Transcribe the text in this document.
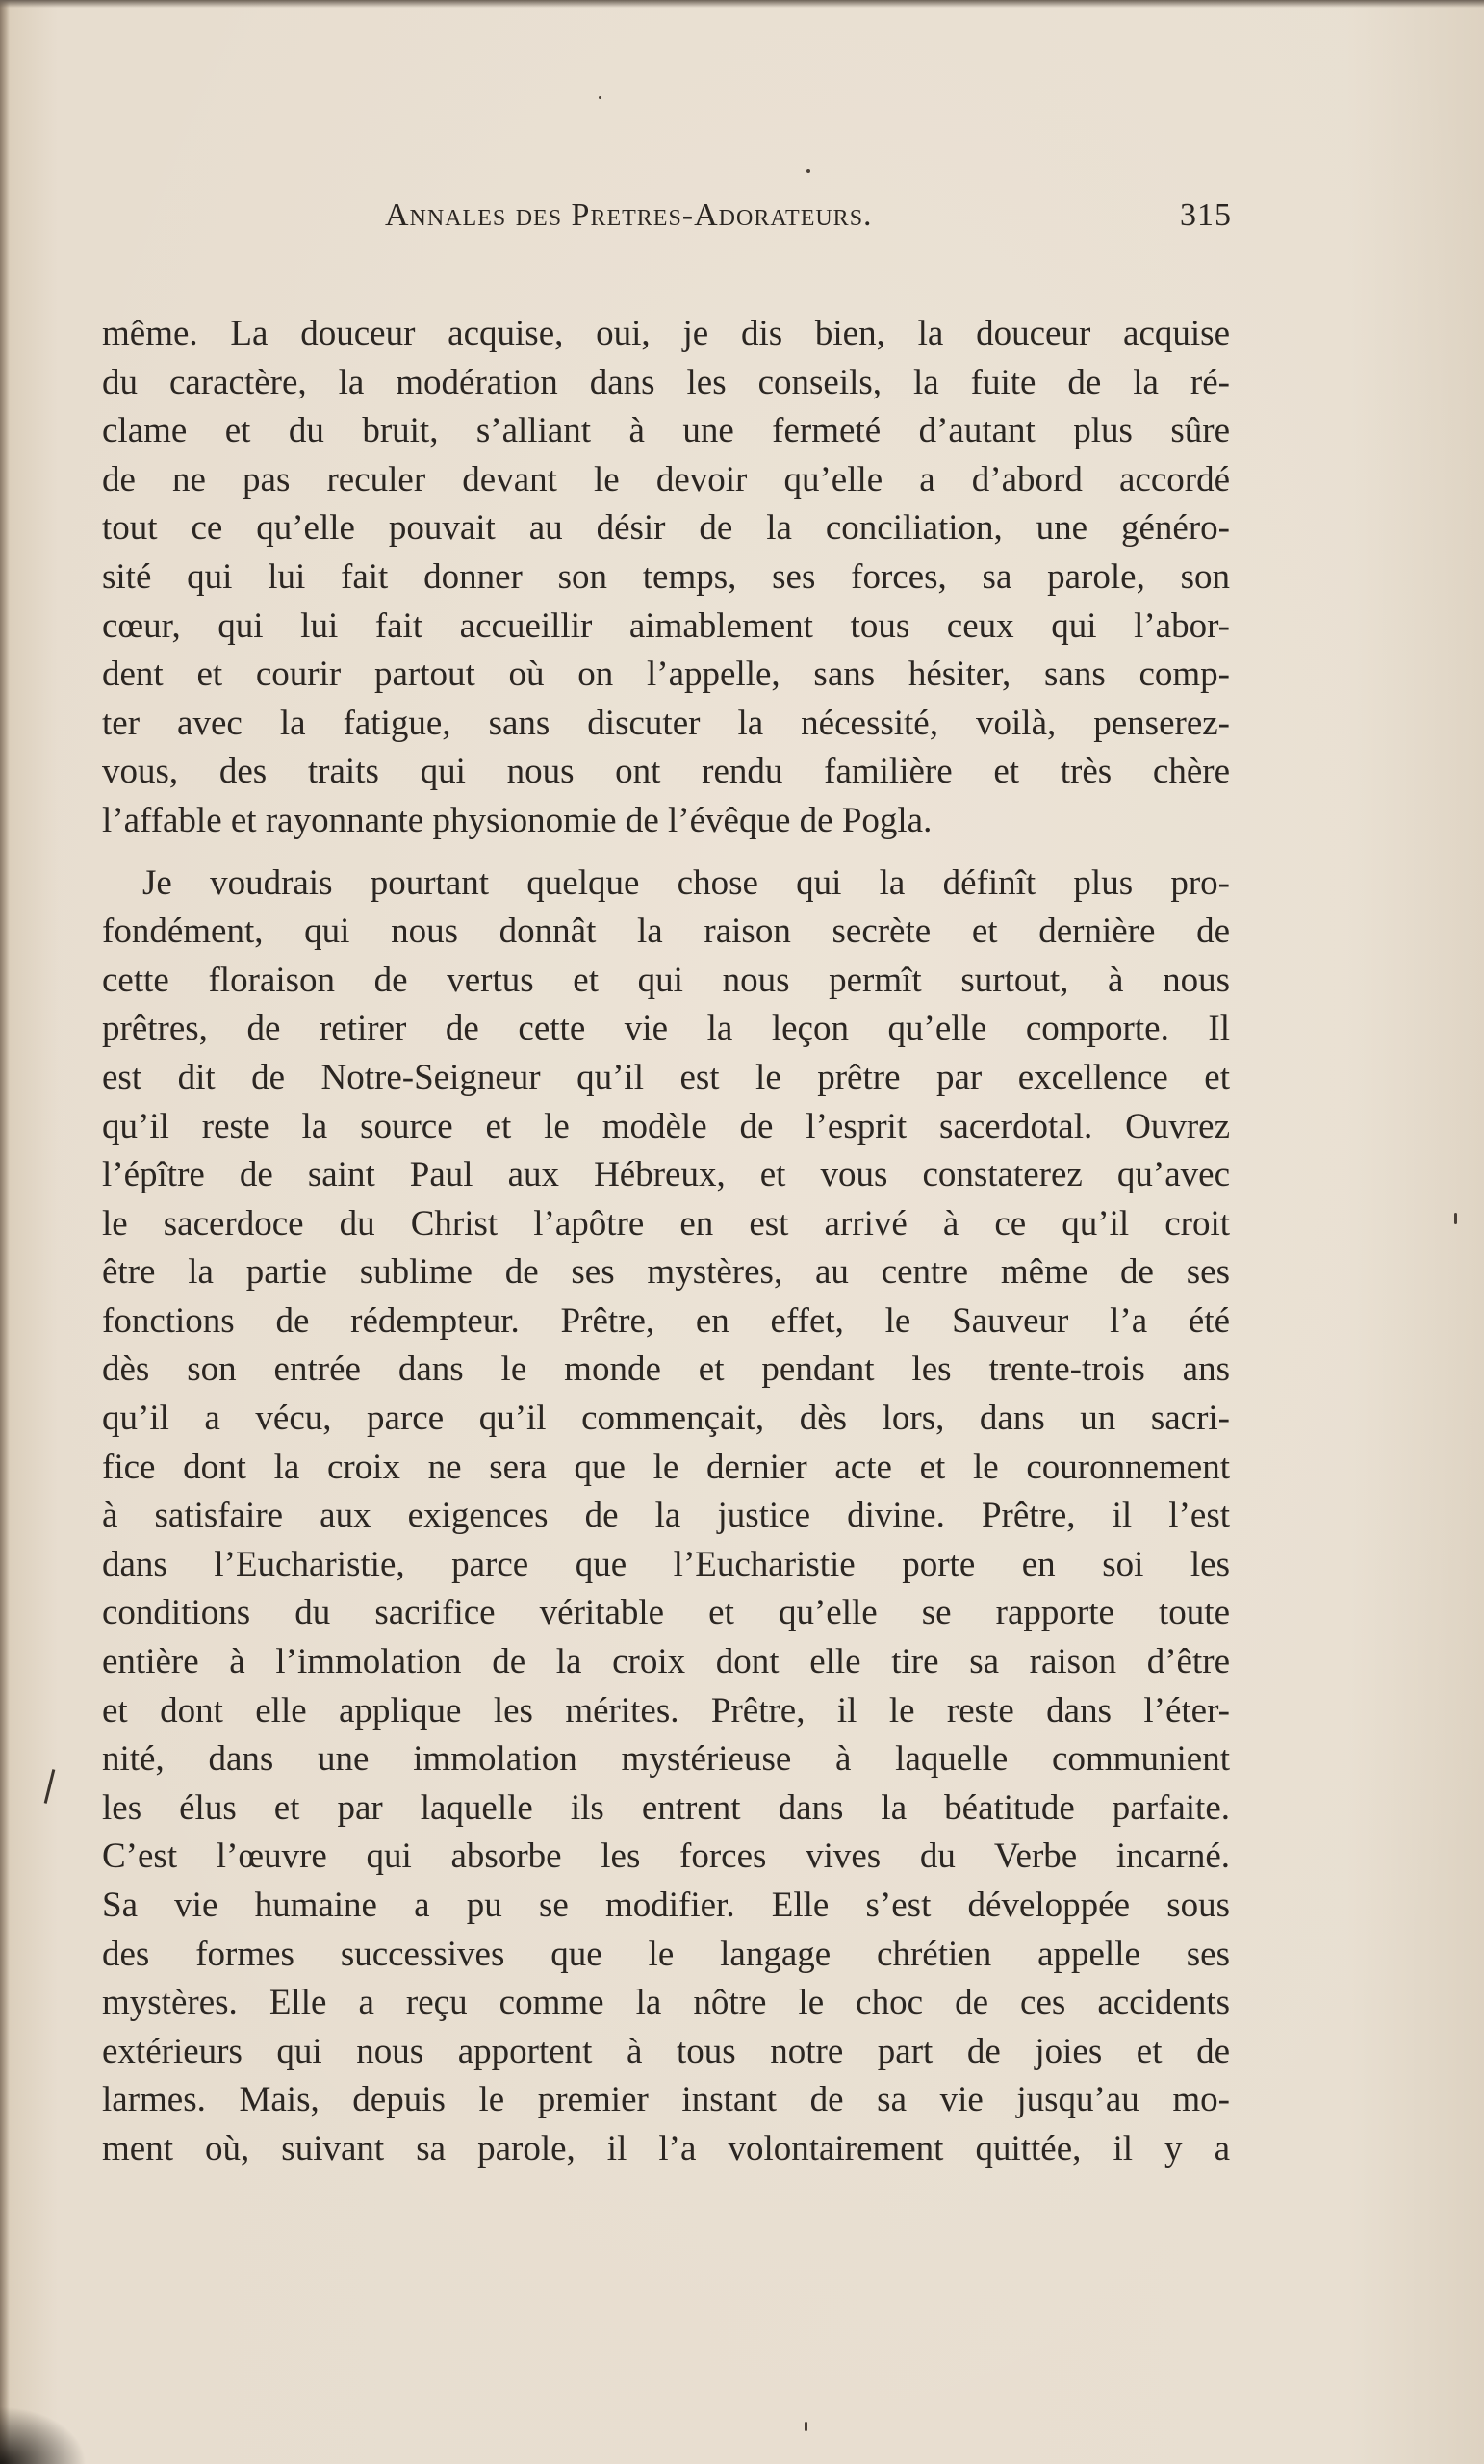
Annales des Pretres-Adorateurs.	315
même. La douceur acquise, oui, je dis bien, la douceur acquise
du caractère, la modération dans les conseils, la fuite de la ré-
clame et du bruit, s’alliant à une fermeté d’autant plus sûre
de ne pas reculer devant le devoir qu’elle a d’abord accordé
tout ce qu’elle pouvait au désir de la conciliation, une généro-
sité qui lui fait donner son temps, ses forces, sa parole, son
cœur, qui lui fait accueillir aimablement tous ceux qui l’abor-
dent et courir partout où on l’appelle, sans hésiter, sans comp-
ter avec la fatigue, sans discuter la nécessité, voilà, penserez-
vous, des traits qui nous ont rendu familière et très chère
l’affable et rayonnante physionomie de l’évêque de Pogla.
Je voudrais pourtant quelque chose qui la définît plus pro-
fondément, qui nous donnât la raison secrète et dernière de
cette floraison de vertus et qui nous permît surtout, à nous
prêtres, de retirer de cette vie la leçon qu’elle comporte. Il
est dit de Notre-Seigneur qu’il est le prêtre par excellence et
qu’il reste la source et le modèle de l’esprit sacerdotal. Ouvrez
l’épître de saint Paul aux Hébreux, et vous constaterez qu’avec
le sacerdoce du Christ l’apôtre en est arrivé à ce qu’il croit
être la partie sublime de ses mystères, au centre même de ses
fonctions de rédempteur. Prêtre, en effet, le Sauveur l’a été
dès son entrée dans le monde et pendant les trente-trois ans
qu’il a vécu, parce qu’il commençait, dès lors, dans un sacri-
fice dont la croix ne sera que le dernier acte et le couronnement
à satisfaire aux exigences de la justice divine. Prêtre, il l’est
dans l’Eucharistie, parce que l’Eucharistie porte en soi les
conditions du sacrifice véritable et qu’elle se rapporte toute
entière à l’immolation de la croix dont elle tire sa raison d’être
et dont elle applique les mérites. Prêtre, il le reste dans l’éter-
nité, dans une immolation mystérieuse à laquelle communient
les élus et par laquelle ils entrent dans la béatitude parfaite.
C’est l’œuvre qui absorbe les forces vives du Verbe incarné.
Sa vie humaine a pu se modifier. Elle s’est développée sous
des formes successives que le langage chrétien appelle ses
mystères. Elle a reçu comme la nôtre le choc de ces accidents
extérieurs qui nous apportent à tous notre part de joies et de
larmes. Mais, depuis le premier instant de sa vie jusqu’au mo-
ment où, suivant sa parole, il l’a volontairement quittée, il y a
